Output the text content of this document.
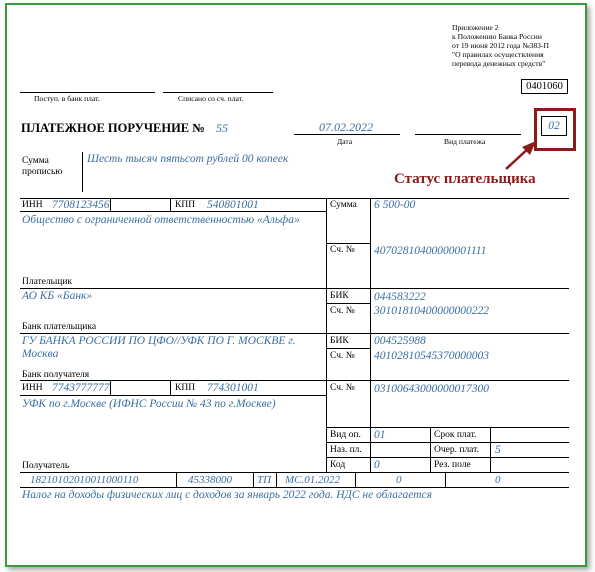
Приложение 2
к Положению Банка России
от 19 июня 2012 года №383-П
"О правилах осуществления
перевода денежных средств"
0401060
Поступ. в банк плат.	Списано со сч. плат.
ПЛАТЕЖНОЕ ПОРУЧЕНИЕ № 55	07.02.2022
Дата	Вид платежа
02
Статус плательщика
Сумма
прописью
Шесть тысяч пятьсот рублей 00 копеек
ИНН 7708123456	КПП 540801001
Общество с ограниченной ответственностью «Альфа»
Плательщик
Сумма 6 500-00
Сч. № 40702810400000001111
АО КБ «Банк»
Банк плательщика
БИК 044583222
Сч. № 30101810400000000222
ГУ БАНКА РОССИИ ПО ЦФО//УФК ПО Г. МОСКВЕ г.
Москва
Банк получателя
БИК 004525988
Сч. № 40102810545370000003
ИНН 7743777777	КПП 774301001
УФК по г.Москве (ИФНС России № 43 по г.Москве)
Получатель
Сч. № 03100643000000017300
Вид оп. 01	Срок плат.
Наз. пл.	Очер. плат. 5
Код	0	Рез. поле
18210102010011000110	45338000 ТП МС.01.2022	0	0
Налог на доходы физических лиц с доходов за январь 2022 года. НДС не облагается
